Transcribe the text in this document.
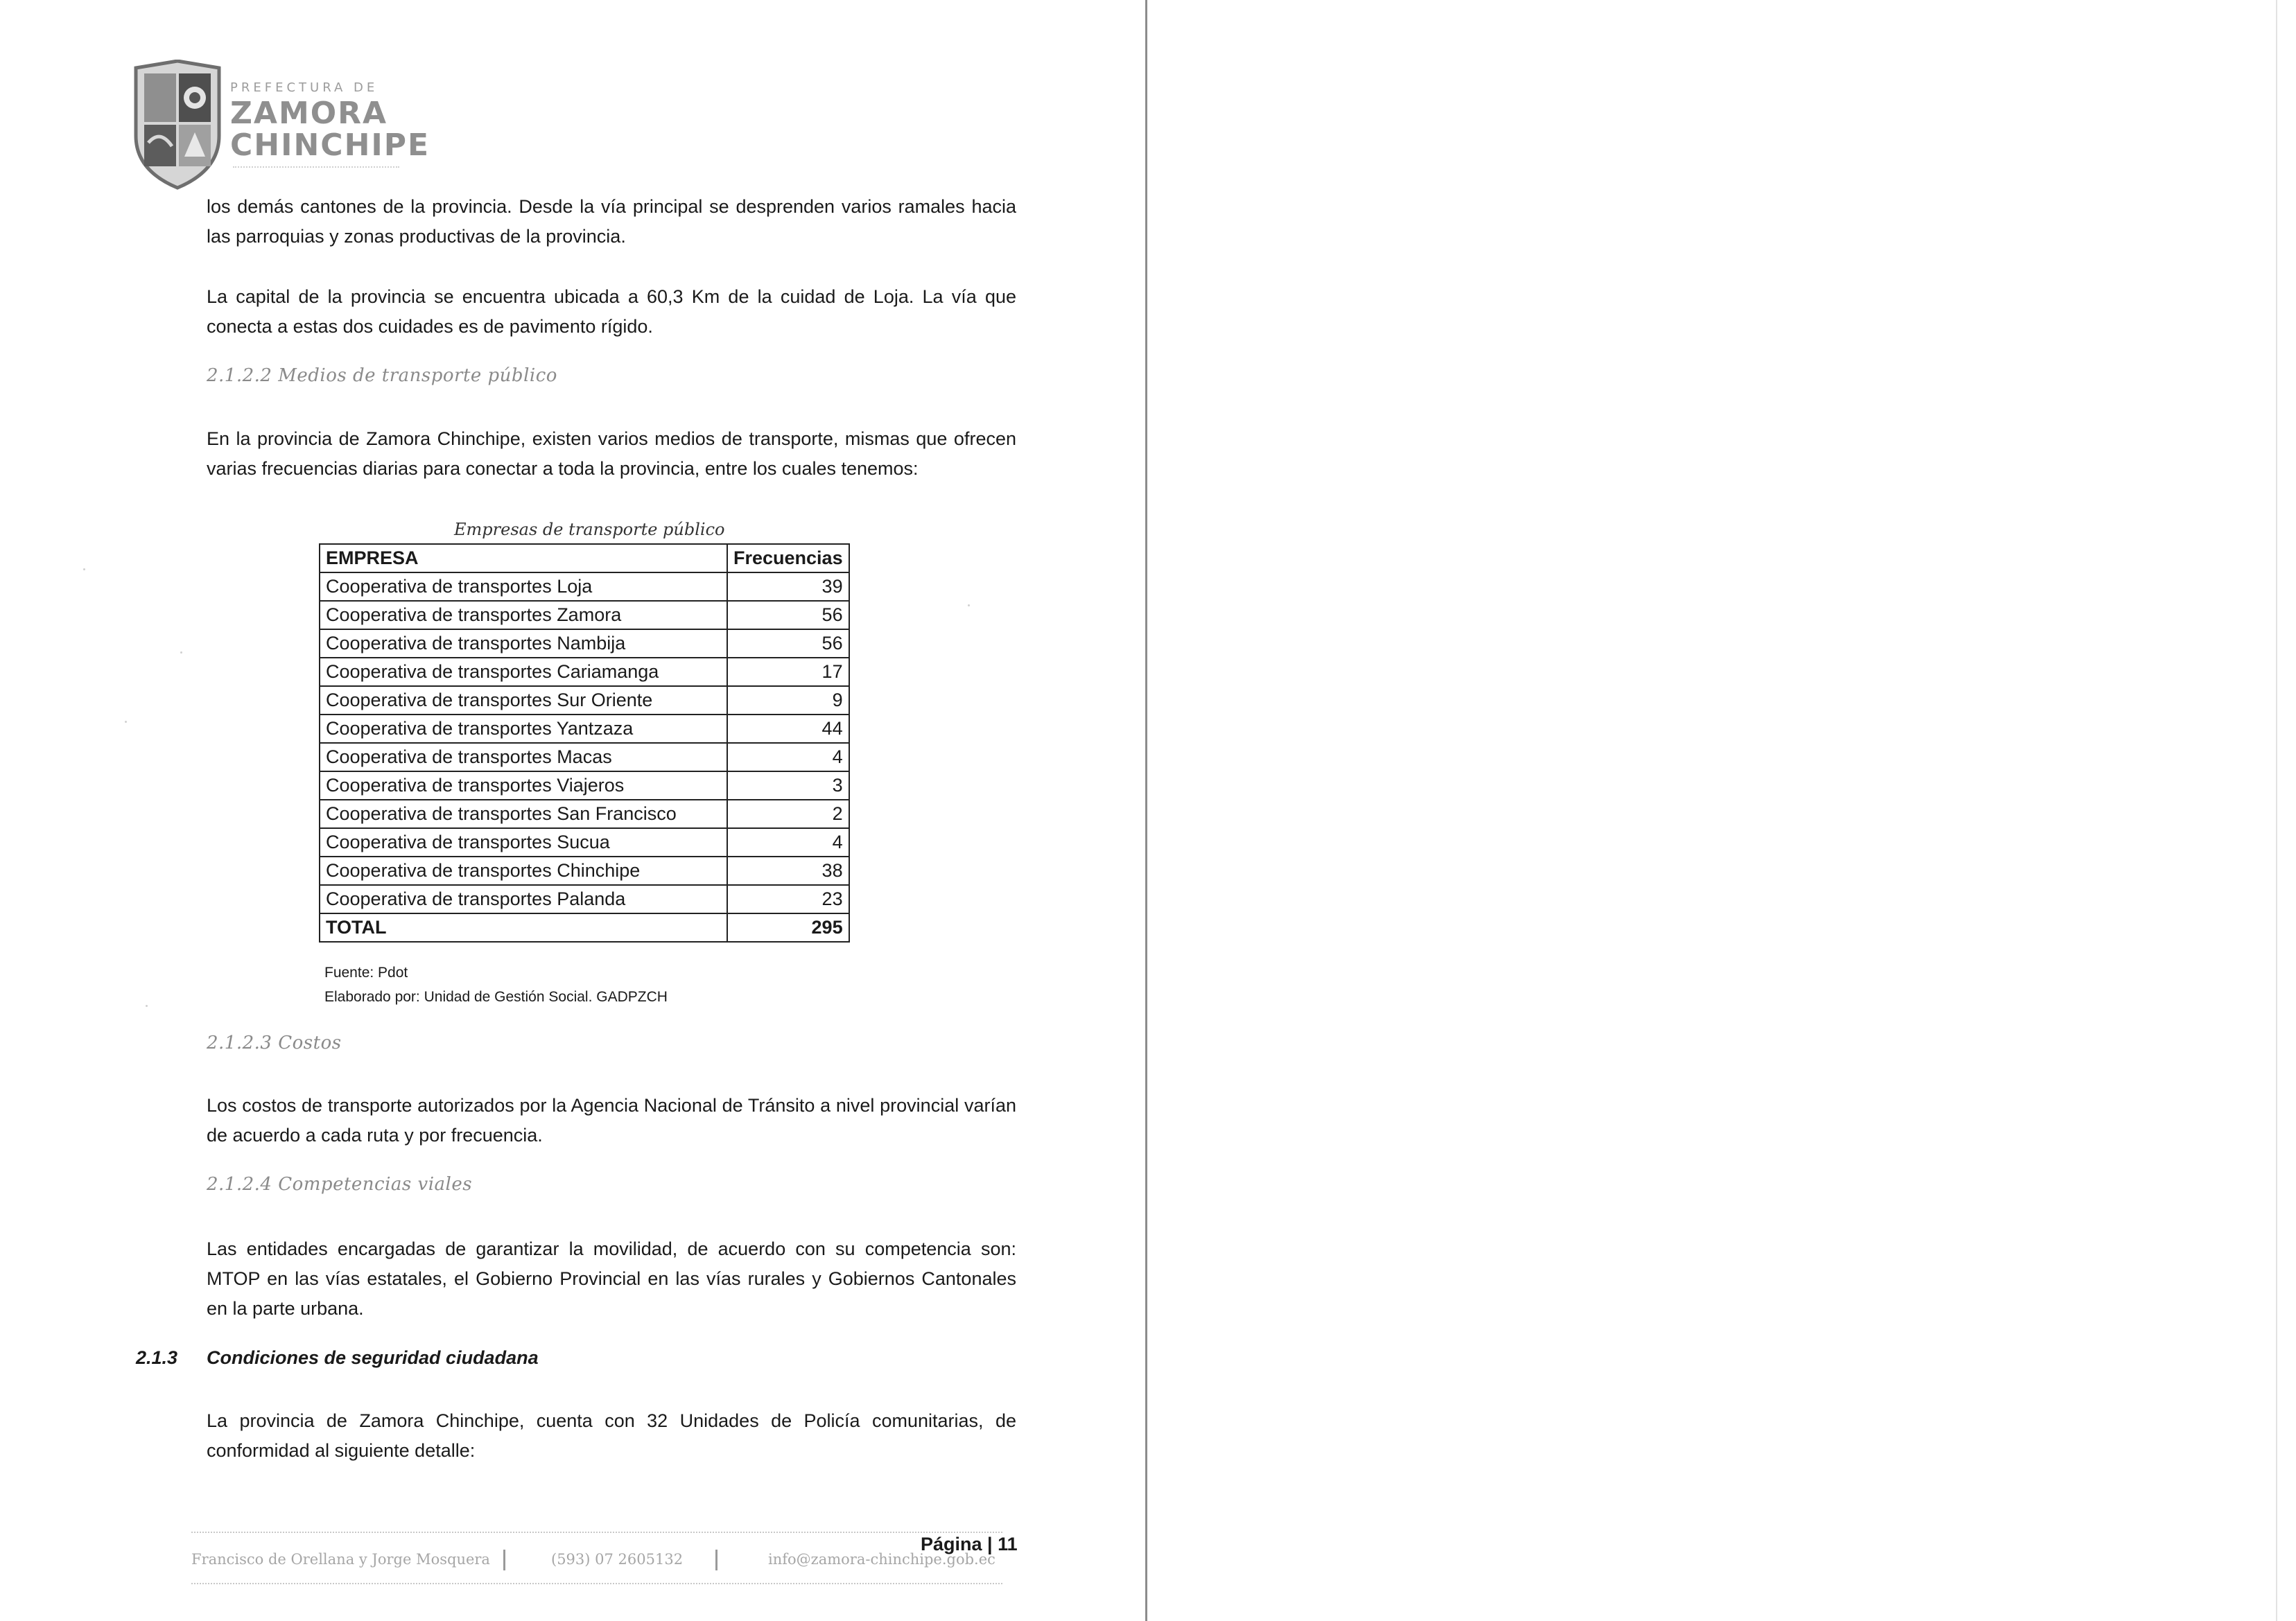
PREFECTURA DE
ZAMORA
CHINCHIPE
los demás cantones de la provincia. Desde la vía principal se desprenden varios ramales hacia las parroquias y zonas productivas de la provincia.
La capital de la provincia se encuentra ubicada a 60,3 Km de la cuidad de Loja. La vía que conecta a estas dos cuidades es de pavimento rígido.
2.1.2.2 Medios de transporte público
En la provincia de Zamora Chinchipe, existen varios medios de transporte, mismas que ofrecen varias frecuencias diarias para conectar a toda la provincia, entre los cuales tenemos:
Empresas de transporte público
EMPRESA	Frecuencias
Cooperativa de transportes Loja	39
Cooperativa de transportes Zamora	56
Cooperativa de transportes Nambija	56
Cooperativa de transportes Cariamanga	17
Cooperativa de transportes Sur Oriente	9
Cooperativa de transportes Yantzaza	44
Cooperativa de transportes Macas	4
Cooperativa de transportes Viajeros	3
Cooperativa de transportes San Francisco	2
Cooperativa de transportes Sucua	4
Cooperativa de transportes Chinchipe	38
Cooperativa de transportes Palanda	23
TOTAL	295
Fuente: Pdot
Elaborado por: Unidad de Gestión Social. GADPZCH
2.1.2.3 Costos
Los costos de transporte autorizados por la Agencia Nacional de Tránsito a nivel provincial varían de acuerdo a cada ruta y por frecuencia.
2.1.2.4 Competencias viales
Las entidades encargadas de garantizar la movilidad, de acuerdo con su competencia son: MTOP en las vías estatales, el Gobierno Provincial en las vías rurales y Gobiernos Cantonales en la parte urbana.
2.1.3 Condiciones de seguridad ciudadana
La provincia de Zamora Chinchipe, cuenta con 32 Unidades de Policía comunitarias, de conformidad al siguiente detalle:
Página | 11
Francisco de Orellana y Jorge Mosquera	(593) 07 2605132	info@zamora-chinchipe.gob.ec
